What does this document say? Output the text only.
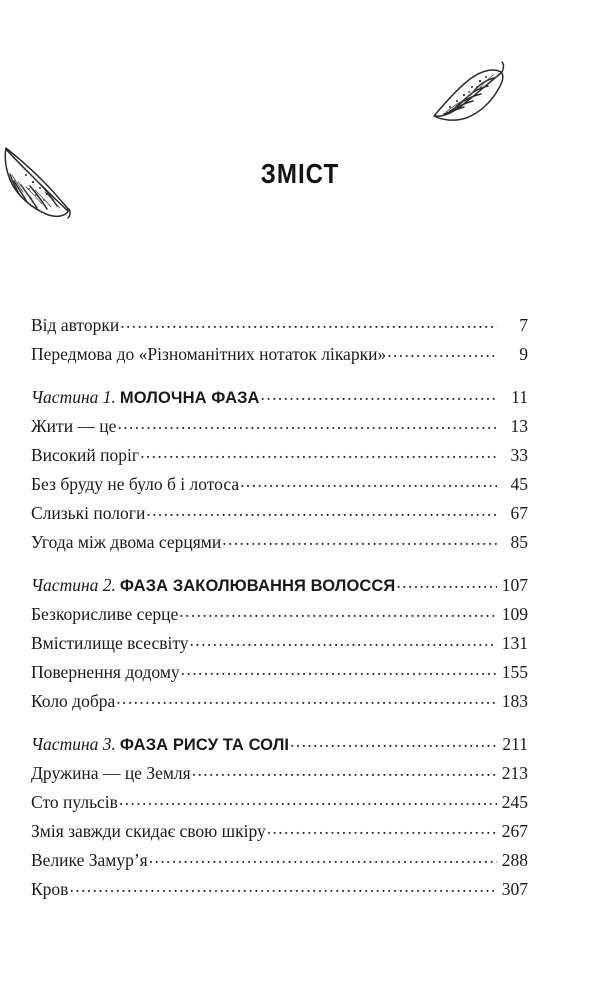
ЗМІСТ
Від авторки .....	7
Передмова до «Різноманітних нотаток лікарки» .....	9
Частина 1. МОЛОЧНА ФАЗА .....	11
Жити — це .....	13
Високий поріг .....	33
Без бруду не було б і лотоса .....	45
Слизькі пологи .....	67
Угода між двома серцями .....	85
Частина 2. ФАЗА ЗАКОЛЮВАННЯ ВОЛОССЯ .....	107
Безкорисливе серце .....	109
Вмістилище всесвіту .....	131
Повернення додому .....	155
Коло добра .....	183
Частина 3. ФАЗА РИСУ ТА СОЛІ .....	211
Дружина — це Земля .....	213
Сто пульсів .....	245
Змія завжди скидає свою шкіру .....	267
Велике Замур’я .....	288
Кров .....	307
